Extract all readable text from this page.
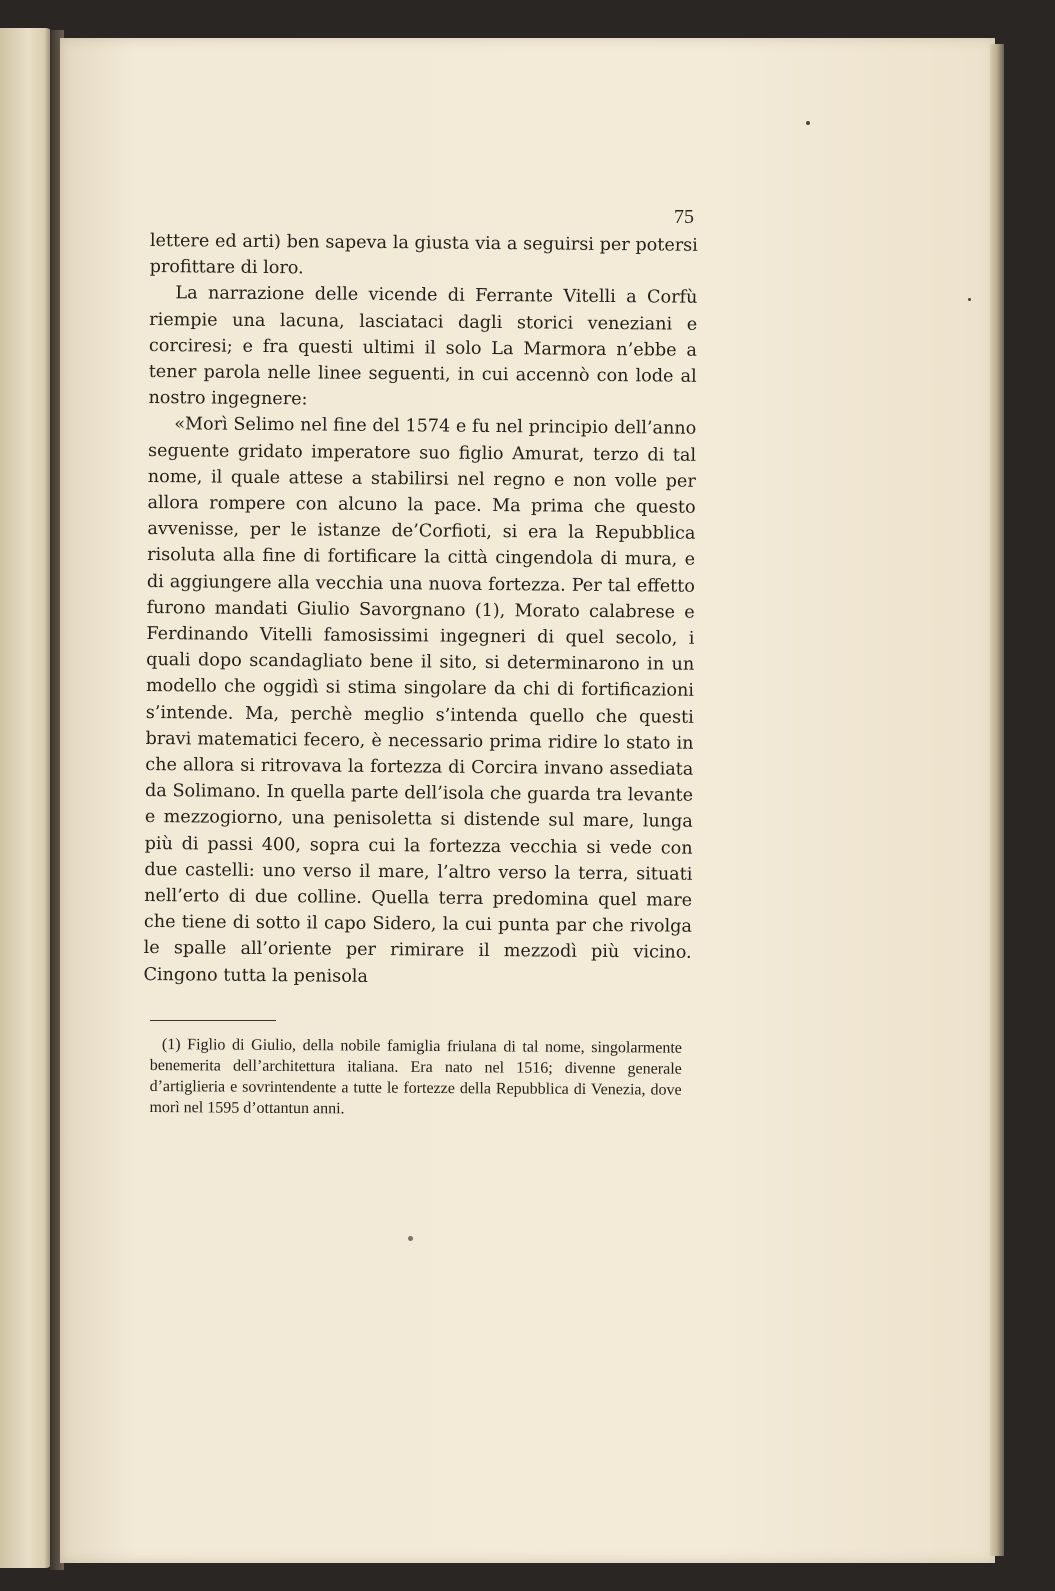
75

lettere ed arti) ben sapeva la giusta via a seguirsi per potersi profittare di loro.

La narrazione delle vicende di Ferrante Vitelli a Corfù riempie una lacuna, lasciataci dagli storici veneziani e corciresi; e fra questi ultimi il solo La Marmora n’ebbe a tener parola nelle linee seguenti, in cui accennò con lode al nostro ingegnere:

«Morì Selimo nel fine del 1574 e fu nel principio dell’anno seguente gridato imperatore suo figlio Amurat, terzo di tal nome, il quale attese a stabilirsi nel regno e non volle per allora rompere con alcuno la pace. Ma prima che questo avvenisse, per le istanze de’Corfioti, si era la Repubblica risoluta alla fine di fortificare la città cingendola di mura, e di aggiungere alla vecchia una nuova fortezza. Per tal effetto furono mandati Giulio Savorgnano (1), Morato calabrese e Ferdinando Vitelli famosissimi ingegneri di quel secolo, i quali dopo scandagliato bene il sito, si determinarono in un modello che oggidì si stima singolare da chi di fortificazioni s’intende. Ma, perchè meglio s’intenda quello che questi bravi matematici fecero, è necessario prima ridire lo stato in che allora si ritrovava la fortezza di Corcira invano assediata da Solimano. In quella parte dell’isola che guarda tra levante e mezzogiorno, una penisoletta si distende sul mare, lunga più di passi 400, sopra cui la fortezza vecchia si vede con due castelli: uno verso il mare, l’altro verso la terra, situati nell’erto di due colline. Quella terra predomina quel mare che tiene di sotto il capo Sidero, la cui punta par che rivolga le spalle all’oriente per rimirare il mezzodì più vicino. Cingono tutta la penisola

(1) Figlio di Giulio, della nobile famiglia friulana di tal nome, singolarmente benemerita dell’architettura italiana. Era nato nel 1516; divenne generale d’artiglieria e sovrintendente a tutte le fortezze della Repubblica di Venezia, dove morì nel 1595 d’ottantun anni.
